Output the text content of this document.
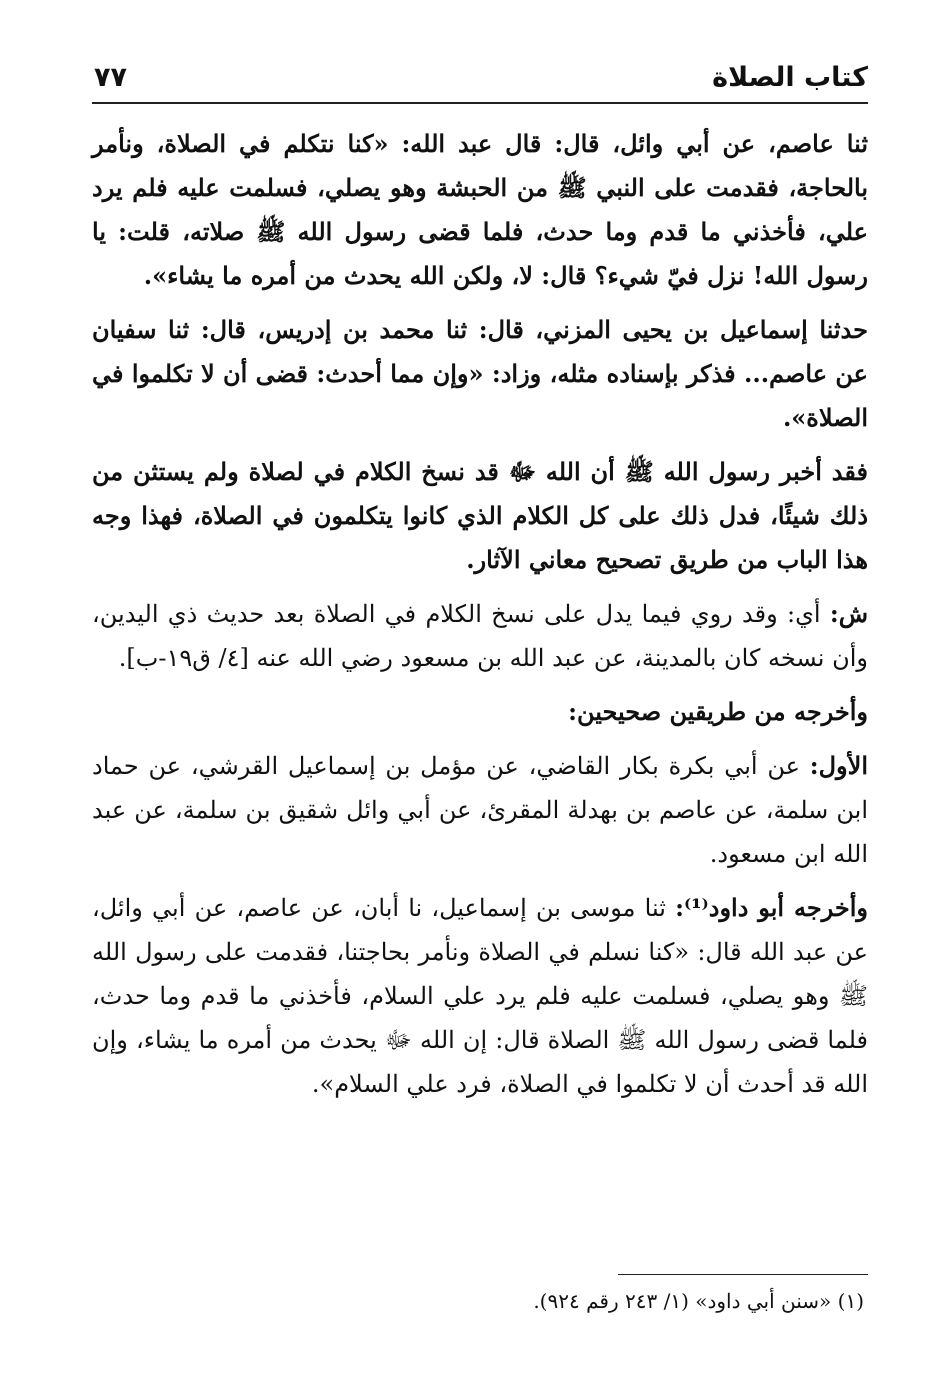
كتاب الصلاة
٧٧

ثنا عاصم، عن أبي وائل، قال: قال عبد الله: «كنا نتكلم في الصلاة، ونأمر بالحاجة، فقدمت على النبي ﷺ من الحبشة وهو يصلي، فسلمت عليه فلم يرد علي، فأخذني ما قدم وما حدث، فلما قضى رسول الله ﷺ صلاته، قلت: يا رسول الله! نزل فيّ شيء؟ قال: لا، ولكن الله يحدث من أمره ما يشاء».

حدثنا إسماعيل بن يحيى المزني، قال: ثنا محمد بن إدريس، قال: ثنا سفيان عن عاصم... فذكر بإسناده مثله، وزاد: «وإن مما أحدث: قضى أن لا تكلموا في الصلاة».

فقد أخبر رسول الله ﷺ أن الله ﷻ قد نسخ الكلام في لصلاة ولم يستثن من ذلك شيئًا، فدل ذلك على كل الكلام الذي كانوا يتكلمون في الصلاة، فهذا وجه هذا الباب من طريق تصحيح معاني الآثار.

ش: أي: وقد روي فيما يدل على نسخ الكلام في الصلاة بعد حديث ذي اليدين، وأن نسخه كان بالمدينة، عن عبد الله بن مسعود رضي الله عنه [٤/ ق١٩-ب].

وأخرجه من طريقين صحيحين:

الأول: عن أبي بكرة بكار القاضي، عن مؤمل بن إسماعيل القرشي، عن حماد ابن سلمة، عن عاصم بن بهدلة المقرئ، عن أبي وائل شقيق بن سلمة، عن عبد الله ابن مسعود.

وأخرجه أبو داود⁽¹⁾: ثنا موسى بن إسماعيل، نا أبان، عن عاصم، عن أبي وائل، عن عبد الله قال: «كنا نسلم في الصلاة ونأمر بحاجتنا، فقدمت على رسول الله ﷺ وهو يصلي، فسلمت عليه فلم يرد علي السلام، فأخذني ما قدم وما حدث، فلما قضى رسول الله ﷺ الصلاة قال: إن الله ﷻ يحدث من أمره ما يشاء، وإن الله قد أحدث أن لا تكلموا في الصلاة، فرد علي السلام».

(١) «سنن أبي داود» (١/ ٢٤٣ رقم ٩٢٤).
